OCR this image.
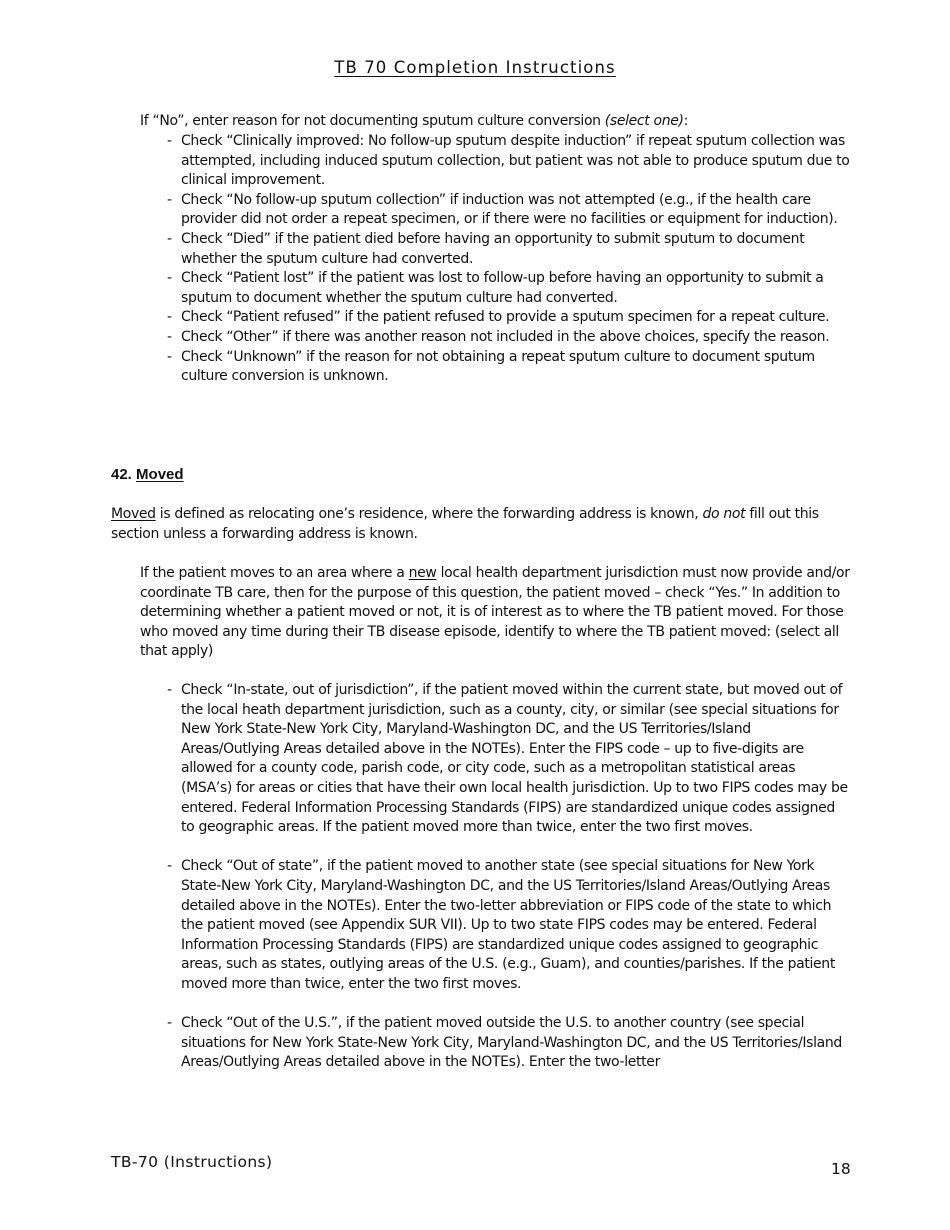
TB 70 Completion Instructions
If “No”, enter reason for not documenting sputum culture conversion (select one):
- Check “Clinically improved: No follow-up sputum despite induction” if repeat sputum collection was attempted, including induced sputum collection, but patient was not able to produce sputum due to clinical improvement.
- Check “No follow-up sputum collection” if induction was not attempted (e.g., if the health care provider did not order a repeat specimen, or if there were no facilities or equipment for induction).
- Check “Died” if the patient died before having an opportunity to submit sputum to document whether the sputum culture had converted.
- Check “Patient lost” if the patient was lost to follow-up before having an opportunity to submit a sputum to document whether the sputum culture had converted.
- Check “Patient refused” if the patient refused to provide a sputum specimen for a repeat culture.
- Check “Other” if there was another reason not included in the above choices, specify the reason.
- Check “Unknown” if the reason for not obtaining a repeat sputum culture to document sputum culture conversion is unknown.
42. Moved
Moved is defined as relocating one’s residence, where the forwarding address is known, do not fill out this section unless a forwarding address is known.
If the patient moves to an area where a new local health department jurisdiction must now provide and/or coordinate TB care, then for the purpose of this question, the patient moved – check “Yes.” In addition to determining whether a patient moved or not, it is of interest as to where the TB patient moved. For those who moved any time during their TB disease episode, identify to where the TB patient moved: (select all that apply)
- Check “In-state, out of jurisdiction”, if the patient moved within the current state, but moved out of the local heath department jurisdiction, such as a county, city, or similar (see special situations for New York State-New York City, Maryland-Washington DC, and the US Territories/Island Areas/Outlying Areas detailed above in the NOTEs). Enter the FIPS code – up to five-digits are allowed for a county code, parish code, or city code, such as a metropolitan statistical areas (MSA’s) for areas or cities that have their own local health jurisdiction. Up to two FIPS codes may be entered. Federal Information Processing Standards (FIPS) are standardized unique codes assigned to geographic areas. If the patient moved more than twice, enter the two first moves.
- Check “Out of state”, if the patient moved to another state (see special situations for New York State-New York City, Maryland-Washington DC, and the US Territories/Island Areas/Outlying Areas detailed above in the NOTEs). Enter the two-letter abbreviation or FIPS code of the state to which the patient moved (see Appendix SUR VII). Up to two state FIPS codes may be entered. Federal Information Processing Standards (FIPS) are standardized unique codes assigned to geographic areas, such as states, outlying areas of the U.S. (e.g., Guam), and counties/parishes. If the patient moved more than twice, enter the two first moves.
- Check “Out of the U.S.”, if the patient moved outside the U.S. to another country (see special situations for New York State-New York City, Maryland-Washington DC, and the US Territories/Island Areas/Outlying Areas detailed above in the NOTEs). Enter the two-letter
TB-70 (Instructions)	18
